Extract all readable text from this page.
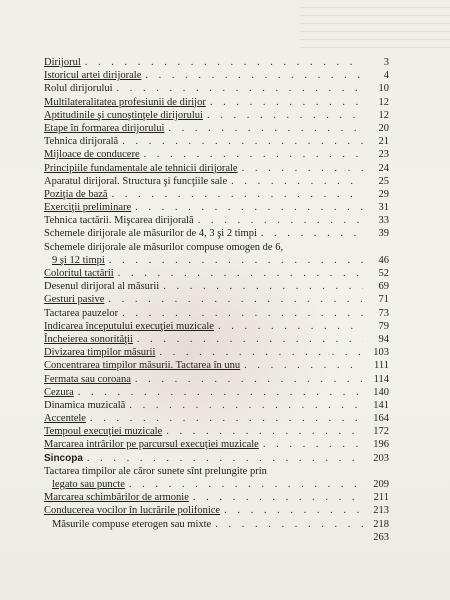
Dirijorul . . .	3
Istoricul artei dirijorale . . .	4
Rolul dirijorului . . .	10
Multilateralitatea profesiunii de dirijor . . .	12
Aptitudinile şi cunoştinţele dirijorului . . .	12
Etape în formarea dirijorului . . .	20
Tehnica dirijorală . . .	21
Mijloace de conducere . . .	23
Principiile fundamentale ale tehnicii dirijorale . . .	24
Aparatul dirijoral. Structura şi funcţiile sale . . .	25
Poziţia de bază . . .	29
Exerciţii preliminare . . .	31
Tehnica tactării. Mişcarea dirijorală . . .	33
Schemele dirijorale ale măsurilor de 4, 3 şi 2 timpi . . .	39
Schemele dirijorale ale măsurilor compuse omogen de 6,
9 şi 12 timpi . . .	46
Coloritul tactării . . .	52
Desenul dirijoral al măsurii . . .	69
Gesturi pasive . . .	71
Tactarea pauzelor . . .	73
Indicarea începutului execuţiei muzicale . . .	79
Încheierea sonorităţii . . .	94
Divizarea timpilor măsurii . . .	103
Concentrarea timpilor măsurii. Tactarea în unu . . .	111
Fermata sau coroana . . .	114
Cezura . . .	140
Dinamica muzicală . . .	141
Accentele . . .	164
Tempoul execuţiei muzicale . . .	172
Marcarea intrărilor pe parcursul execuţiei muzicale . . .	196
Sincopa . . .	203
Tactarea timpilor ale căror sunete sînt prelungite prin
legato sau puncte . . .	209
Marcarea schimbărilor de armonie . . .	211
Conducerea vocilor în lucrările polifonice . . .	213
Măsurile compuse eterogen sau mixte . . .	218
263
